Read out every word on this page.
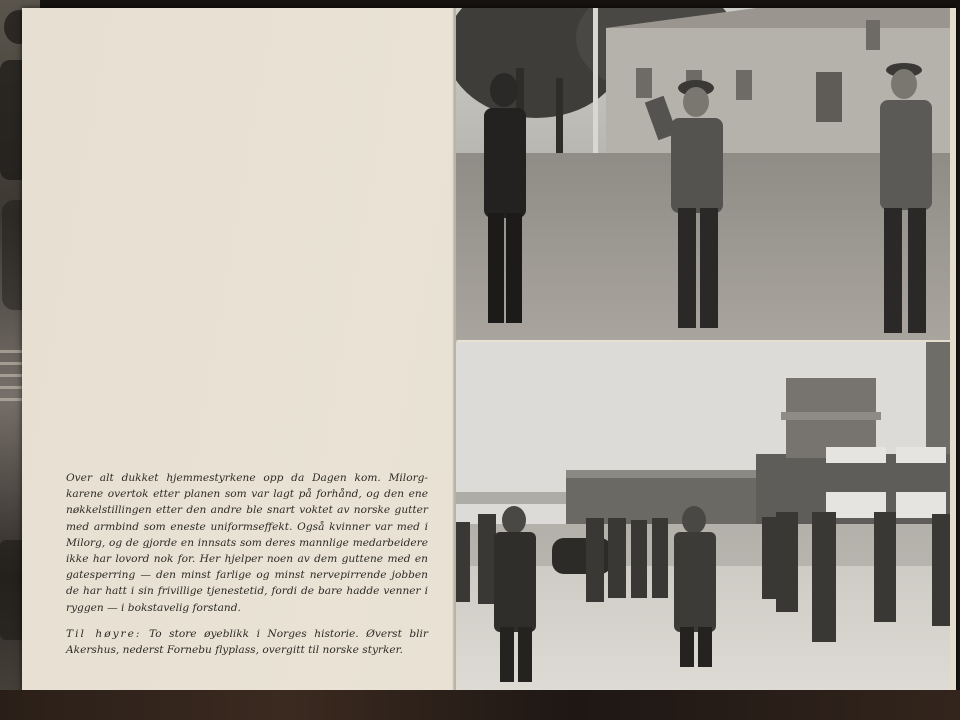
Over alt dukket hjemmestyrkene opp da Dagen kom. Milorg-karene overtok etter planen som var lagt på forhånd, og den ene nøkkelstillingen etter den andre ble snart voktet av norske gutter med armbind som eneste uniformseffekt. Også kvinner var med i Milorg, og de gjorde en innsats som deres mannlige medarbeidere ikke har lovord nok for. Her hjelper noen av dem guttene med en gatesperring — den minst farlige og minst nervepirrende jobben de har hatt i sin frivillige tjenestetid, fordi de bare hadde venner i ryggen — i bokstavelig forstand.

Til høyre: To store øyeblikk i Norges historie. Øverst blir Akershus, nederst Fornebu flyplass, overgitt til norske styrker.
